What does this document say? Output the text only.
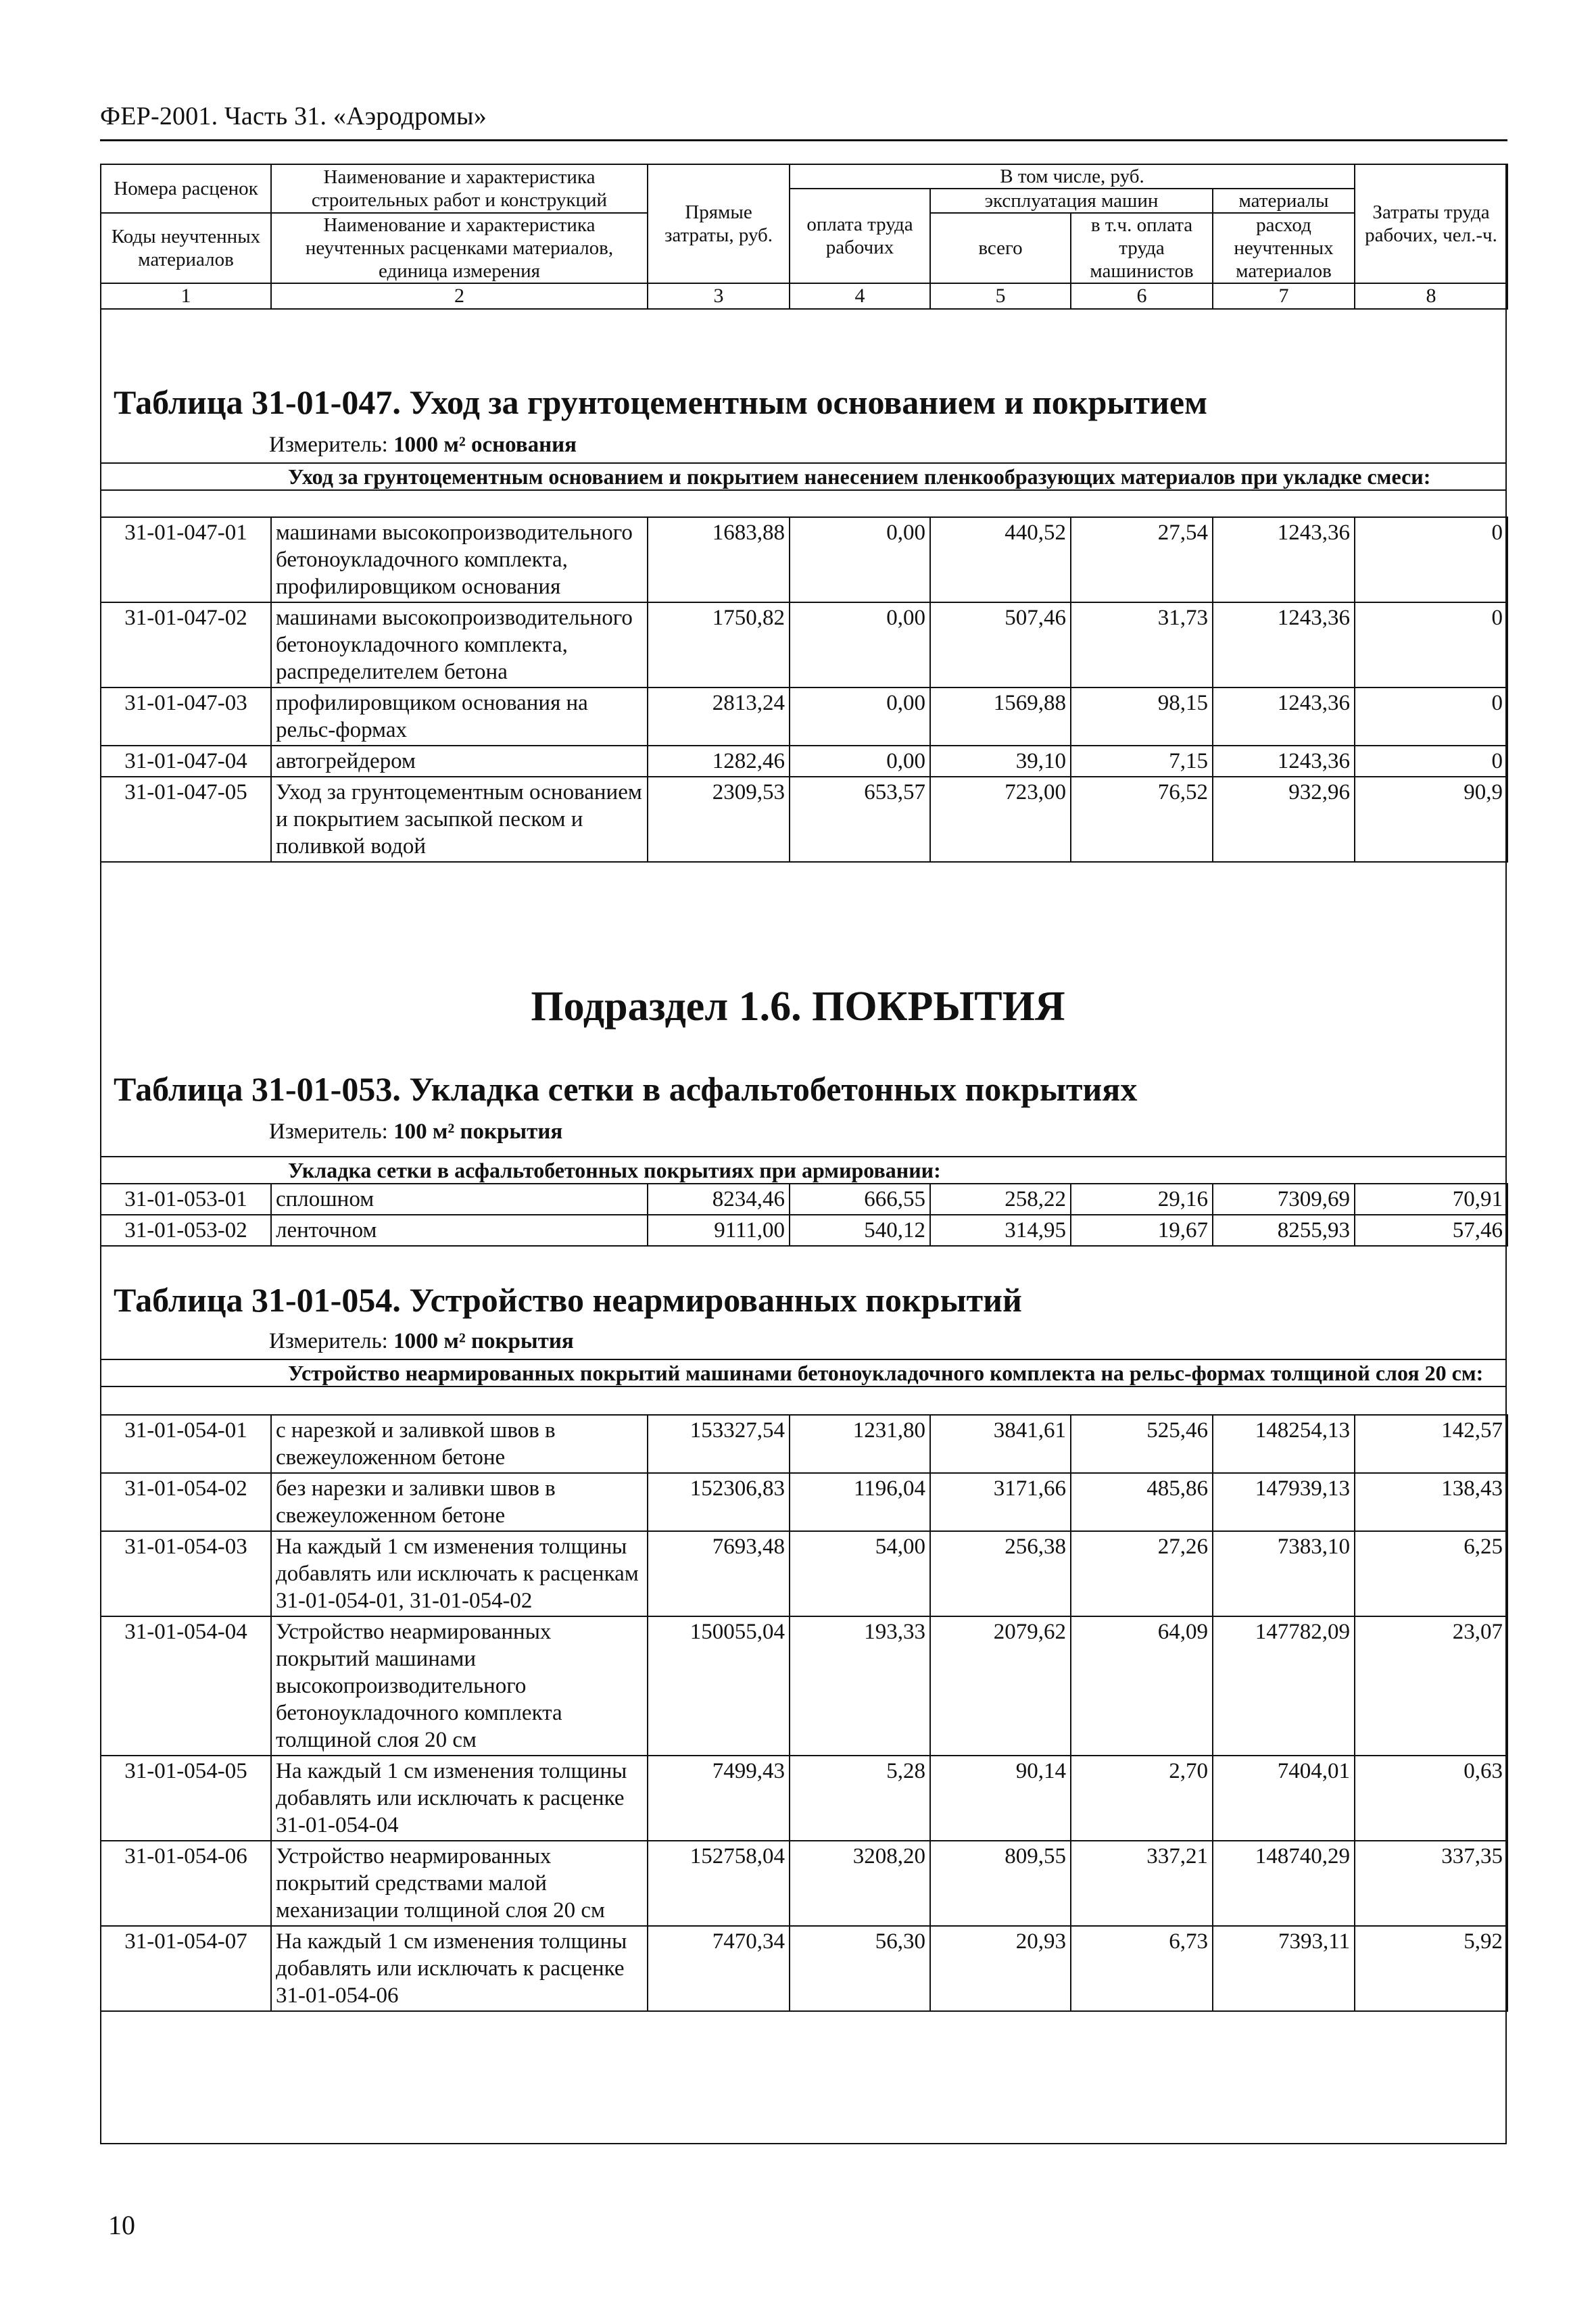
ФЕР-2001. Часть 31. «Аэродромы»
Номера расценок	Наименование и характеристика строительных работ и конструкций	Прямые затраты, руб.	В том числе, руб.				Затраты труда рабочих, чел.-ч.
			оплата труда рабочих	эксплуатация машин		материалы	
Коды неучтенных материалов	Наименование и характеристика неучтенных расценками материалов, единица измерения			всего	в т.ч. оплата труда машинистов	расход неучтенных материалов	

1	2	3	4	5	6	7	8
Таблица 31-01-047. Уход за грунтоцементным основанием и покрытием
Измеритель: 1000 м² основания
Уход за грунтоцементным основанием и покрытием нанесением пленкообразующих материалов при укладке смеси:
31-01-047-01	машинами высокопроизводительного бетоноукладочного комплекта, профилировщиком основания	1683,88	0,00	440,52	27,54	1243,36	0
31-01-047-02	машинами высокопроизводительного бетоноукладочного комплекта, распределителем бетона	1750,82	0,00	507,46	31,73	1243,36	0
31-01-047-03	профилировщиком основания на рельс-формах	2813,24	0,00	1569,88	98,15	1243,36	0
31-01-047-04	автогрейдером	1282,46	0,00	39,10	7,15	1243,36	0
31-01-047-05	Уход за грунтоцементным основанием и покрытием засыпкой песком и поливкой водой	2309,53	653,57	723,00	76,52	932,96	90,9
Подраздел 1.6. ПОКРЫТИЯ
Таблица 31-01-053. Укладка сетки в асфальтобетонных покрытиях
Измеритель: 100 м² покрытия
Укладка сетки в асфальтобетонных покрытиях при армировании:
31-01-053-01	сплошном	8234,46	666,55	258,22	29,16	7309,69	70,91
31-01-053-02	ленточном	9111,00	540,12	314,95	19,67	8255,93	57,46
Таблица 31-01-054. Устройство неармированных покрытий
Измеритель: 1000 м² покрытия
Устройство неармированных покрытий машинами бетоноукладочного комплекта на рельс-формах толщиной слоя 20 см:
31-01-054-01	с нарезкой и заливкой швов в свежеуложенном бетоне	153327,54	1231,80	3841,61	525,46	148254,13	142,57
31-01-054-02	без нарезки и заливки швов в свежеуложенном бетоне	152306,83	1196,04	3171,66	485,86	147939,13	138,43
31-01-054-03	На каждый 1 см изменения толщины добавлять или исключать к расценкам 31-01-054-01, 31-01-054-02	7693,48	54,00	256,38	27,26	7383,10	6,25
31-01-054-04	Устройство неармированных покрытий машинами высокопроизводительного бетоноукладочного комплекта толщиной слоя 20 см	150055,04	193,33	2079,62	64,09	147782,09	23,07
31-01-054-05	На каждый 1 см изменения толщины добавлять или исключать к расценке 31-01-054-04	7499,43	5,28	90,14	2,70	7404,01	0,63
31-01-054-06	Устройство неармированных покрытий средствами малой механизации толщиной слоя 20 см	152758,04	3208,20	809,55	337,21	148740,29	337,35
31-01-054-07	На каждый 1 см изменения толщины добавлять или исключать к расценке 31-01-054-06	7470,34	56,30	20,93	6,73	7393,11	5,92
10
